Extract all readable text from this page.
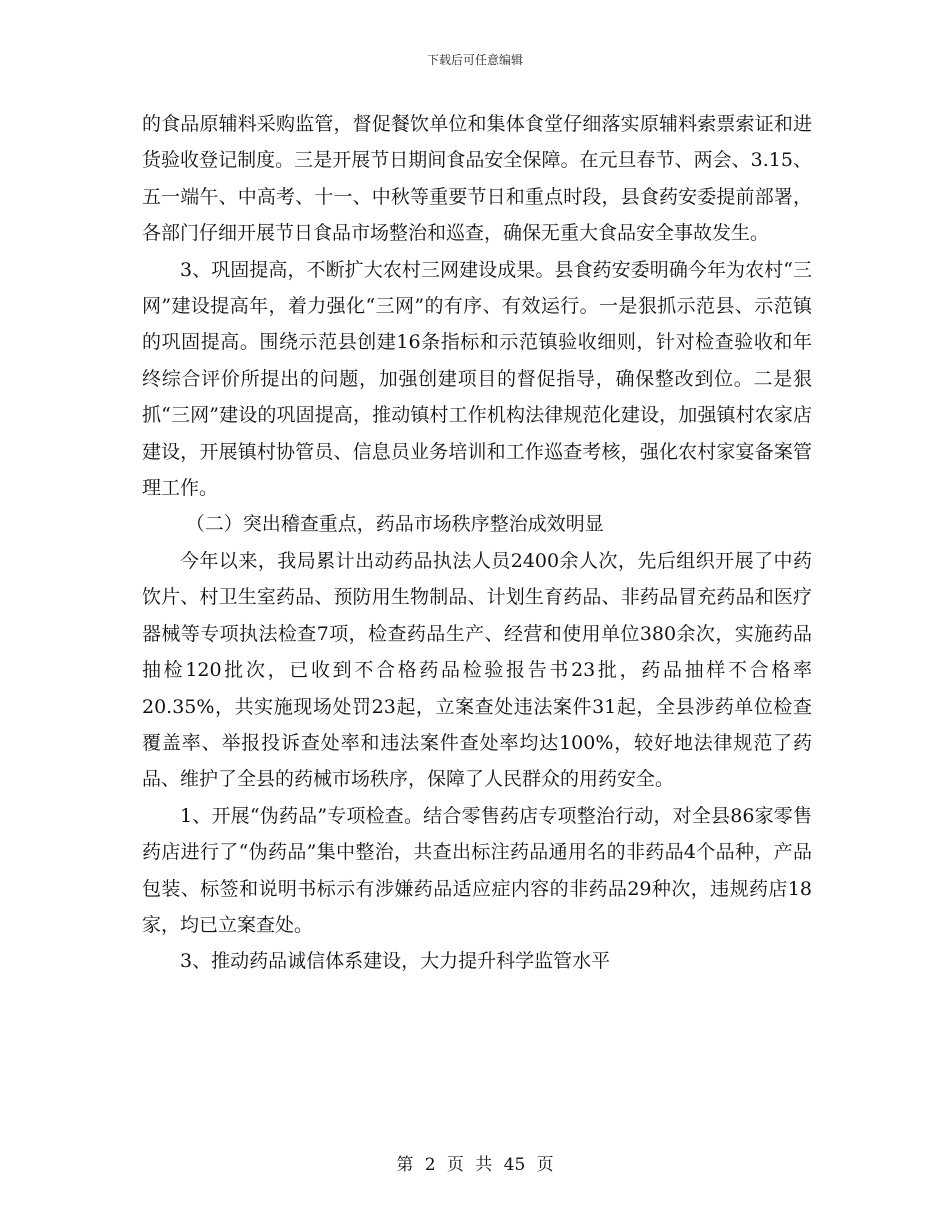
下载后可任意编辑

的食品原辅料采购监管，督促餐饮单位和集体食堂仔细落实原辅料索票索证和进货验收登记制度。三是开展节日期间食品安全保障。在元旦春节、两会、3.15、五一端午、中高考、十一、中秋等重要节日和重点时段，县食药安委提前部署，各部门仔细开展节日食品市场整治和巡查，确保无重大食品安全事故发生。

3、巩固提高，不断扩大农村三网建设成果。县食药安委明确今年为农村“三网”建设提高年，着力强化“三网”的有序、有效运行。一是狠抓示范县、示范镇的巩固提高。围绕示范县创建16条指标和示范镇验收细则，针对检查验收和年终综合评价所提出的问题，加强创建项目的督促指导，确保整改到位。二是狠抓“三网”建设的巩固提高，推动镇村工作机构法律规范化建设，加强镇村农家店建设，开展镇村协管员、信息员业务培训和工作巡查考核，强化农村家宴备案管理工作。

（二）突出稽查重点，药品市场秩序整治成效明显

今年以来，我局累计出动药品执法人员2400余人次，先后组织开展了中药饮片、村卫生室药品、预防用生物制品、计划生育药品、非药品冒充药品和医疗器械等专项执法检查7项，检查药品生产、经营和使用单位380余次，实施药品抽检120批次，已收到不合格药品检验报告书23批，药品抽样不合格率20.35%，共实施现场处罚23起，立案查处违法案件31起，全县涉药单位检查覆盖率、举报投诉查处率和违法案件查处率均达100%，较好地法律规范了药品、维护了全县的药械市场秩序，保障了人民群众的用药安全。

1、开展“伪药品”专项检查。结合零售药店专项整治行动，对全县86家零售药店进行了“伪药品”集中整治，共查出标注药品通用名的非药品4个品种，产品包装、标签和说明书标示有涉嫌药品适应症内容的非药品29种次，违规药店18家，均已立案查处。

3、推动药品诚信体系建设，大力提升科学监管水平

第 2 页 共 45 页
